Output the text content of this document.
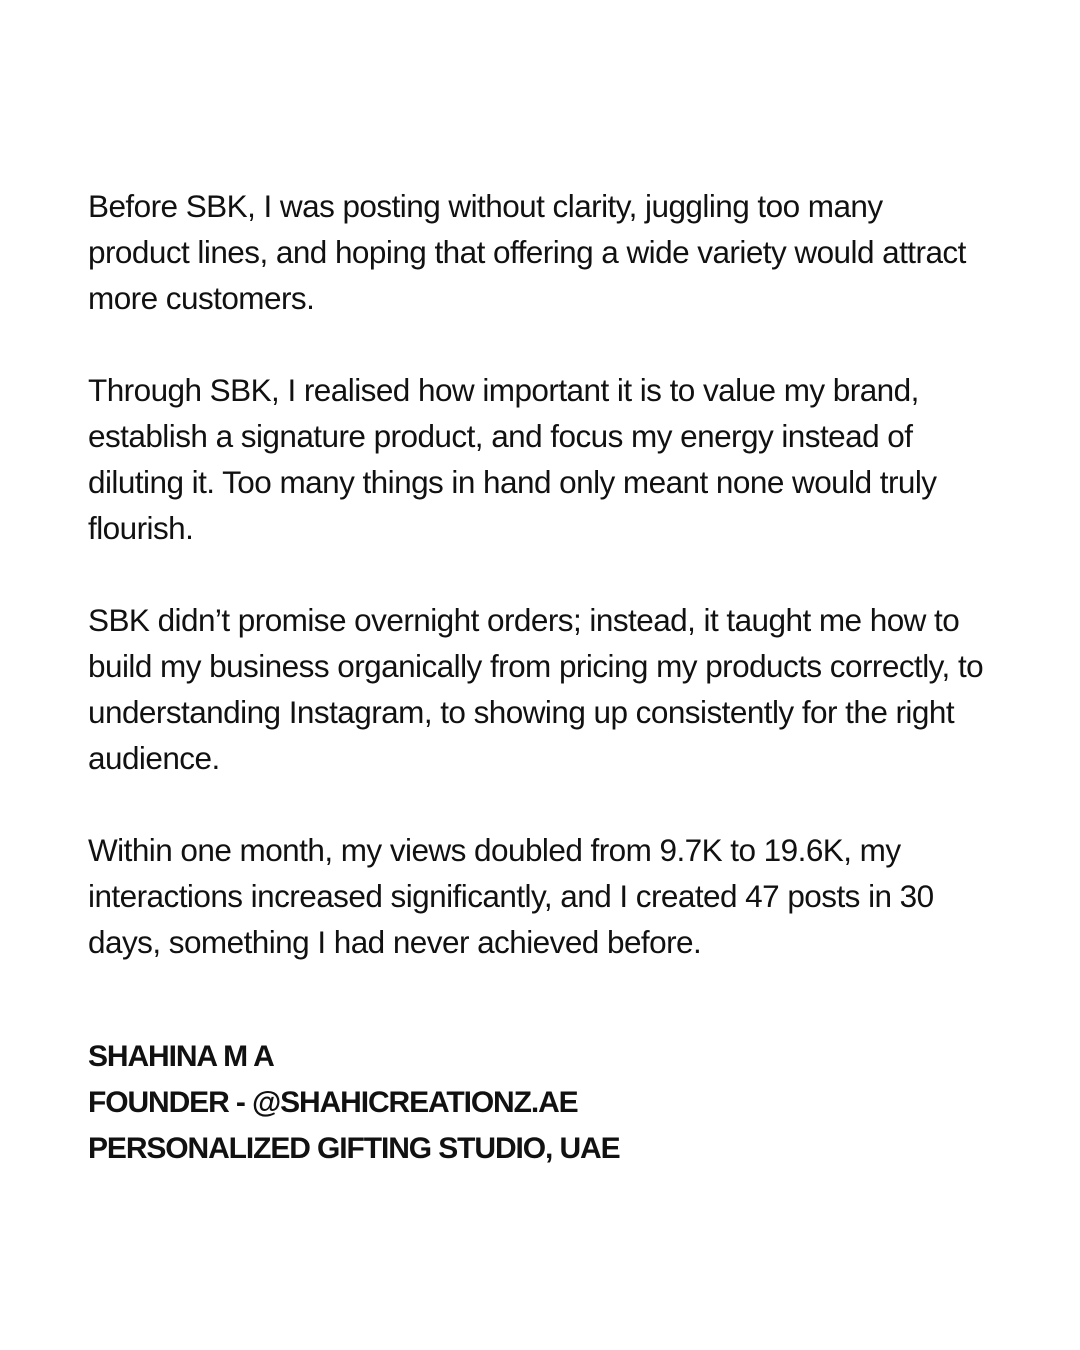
Before SBK, I was posting without clarity, juggling too many product lines, and hoping that offering a wide variety would attract more customers.

Through SBK, I realised how important it is to value my brand, establish a signature product, and focus my energy instead of diluting it. Too many things in hand only meant none would truly flourish.

SBK didn’t promise overnight orders; instead, it taught me how to build my business organically from pricing my products correctly, to understanding Instagram, to showing up consistently for the right audience.

Within one month, my views doubled from 9.7K to 19.6K, my interactions increased significantly, and I created 47 posts in 30 days, something I had never achieved before.

SHAHINA M A
FOUNDER - @SHAHICREATIONZ.AE
PERSONALIZED GIFTING STUDIO, UAE
